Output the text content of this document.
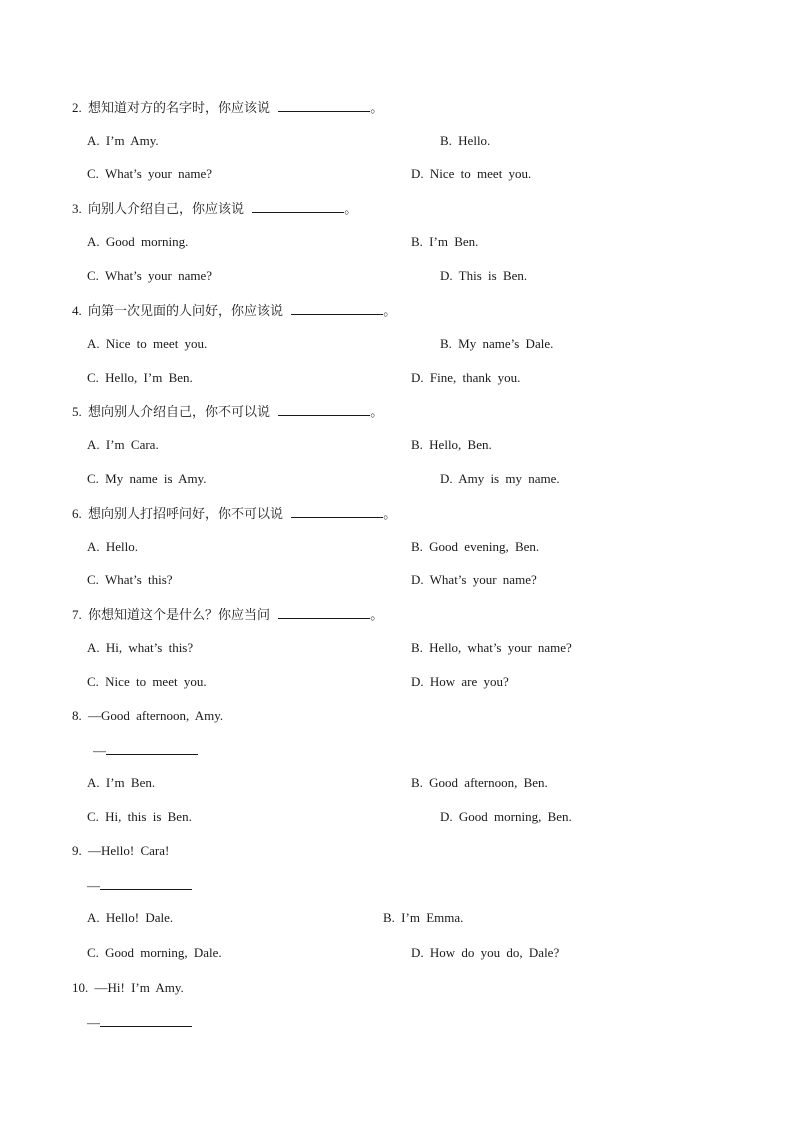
2. 想知道对方的名字时，你应该说	。
A. I’m Amy.	B. Hello.
C. What’s your name?	D. Nice to meet you.
3. 向别人介绍自己，你应该说	。
A. Good morning.	B. I’m Ben.
C. What’s your name?	D. This is Ben.
4. 向第一次见面的人问好，你应该说	。
A. Nice to meet you.	B. My name’s Dale.
C. Hello, I’m Ben.	D. Fine, thank you.
5. 想向别人介绍自己，你不可以说	。
A. I’m Cara.	B. Hello, Ben.
C. My name is Amy.	D. Amy is my name.
6. 想向别人打招呼问好，你不可以说	。
A. Hello.	B. Good evening, Ben.
C. What’s this?	D. What’s your name?
7. 你想知道这个是什么？你应当问	。
A. Hi, what’s this?	B. Hello, what’s your name?
C. Nice to meet you.	D. How are you?
8. —Good afternoon, Amy.
—
A. I’m Ben.	B. Good afternoon, Ben.
C. Hi, this is Ben.	D. Good morning, Ben.
9. —Hello! Cara!
—
A. Hello! Dale.	B. I’m Emma.
C. Good morning, Dale.	D. How do you do, Dale?
10. —Hi! I’m Amy.
—
